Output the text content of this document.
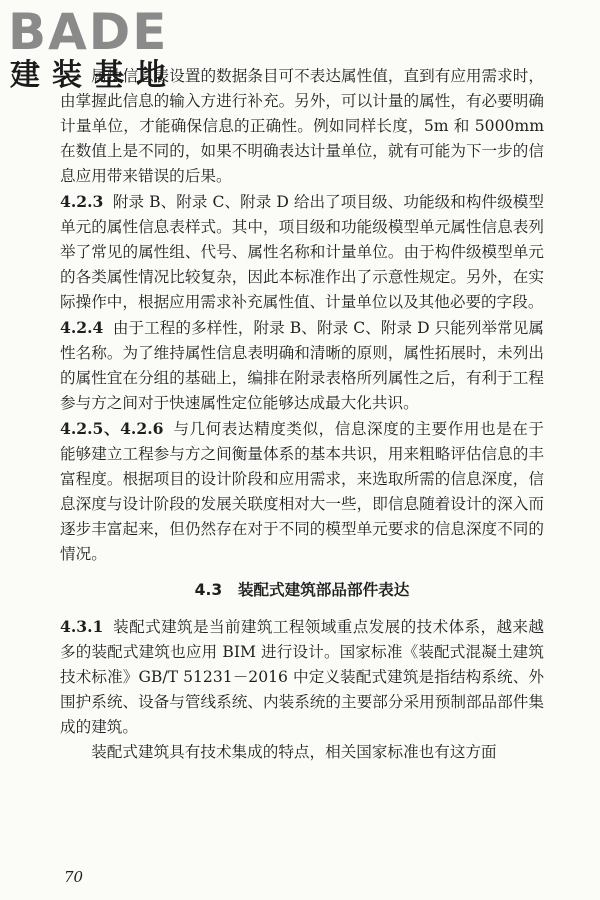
BADE
建装基地

属性信息表设置的数据条目可不表达属性值，直到有应用需求时，由掌握此信息的输入方进行补充。另外，可以计量的属性，有必要明确计量单位，才能确保信息的正确性。例如同样长度，5m 和 5000mm 在数值上是不同的，如果不明确表达计量单位，就有可能为下一步的信息应用带来错误的后果。

4.2.3 附录 B、附录 C、附录 D 给出了项目级、功能级和构件级模型单元的属性信息表样式。其中，项目级和功能级模型单元属性信息表列举了常见的属性组、代号、属性名称和计量单位。由于构件级模型单元的各类属性情况比较复杂，因此本标准作出了示意性规定。另外，在实际操作中，根据应用需求补充属性值、计量单位以及其他必要的字段。

4.2.4 由于工程的多样性，附录 B、附录 C、附录 D 只能列举常见属性名称。为了维持属性信息表明确和清晰的原则，属性拓展时，未列出的属性宜在分组的基础上，编排在附录表格所列属性之后，有利于工程参与方之间对于快速属性定位能够达成最大化共识。

4.2.5、4.2.6 与几何表达精度类似，信息深度的主要作用也是在于能够建立工程参与方之间衡量体系的基本共识，用来粗略评估信息的丰富程度。根据项目的设计阶段和应用需求，来选取所需的信息深度，信息深度与设计阶段的发展关联度相对大一些，即信息随着设计的深入而逐步丰富起来，但仍然存在对于不同的模型单元要求的信息深度不同的情况。

4.3　装配式建筑部品部件表达

4.3.1 装配式建筑是当前建筑工程领域重点发展的技术体系，越来越多的装配式建筑也应用 BIM 进行设计。国家标准《装配式混凝土建筑技术标准》GB/T 51231－2016 中定义装配式建筑是指结构系统、外围护系统、设备与管线系统、内装系统的主要部分采用预制部品部件集成的建筑。

装配式建筑具有技术集成的特点，相关国家标准也有这方面

70
